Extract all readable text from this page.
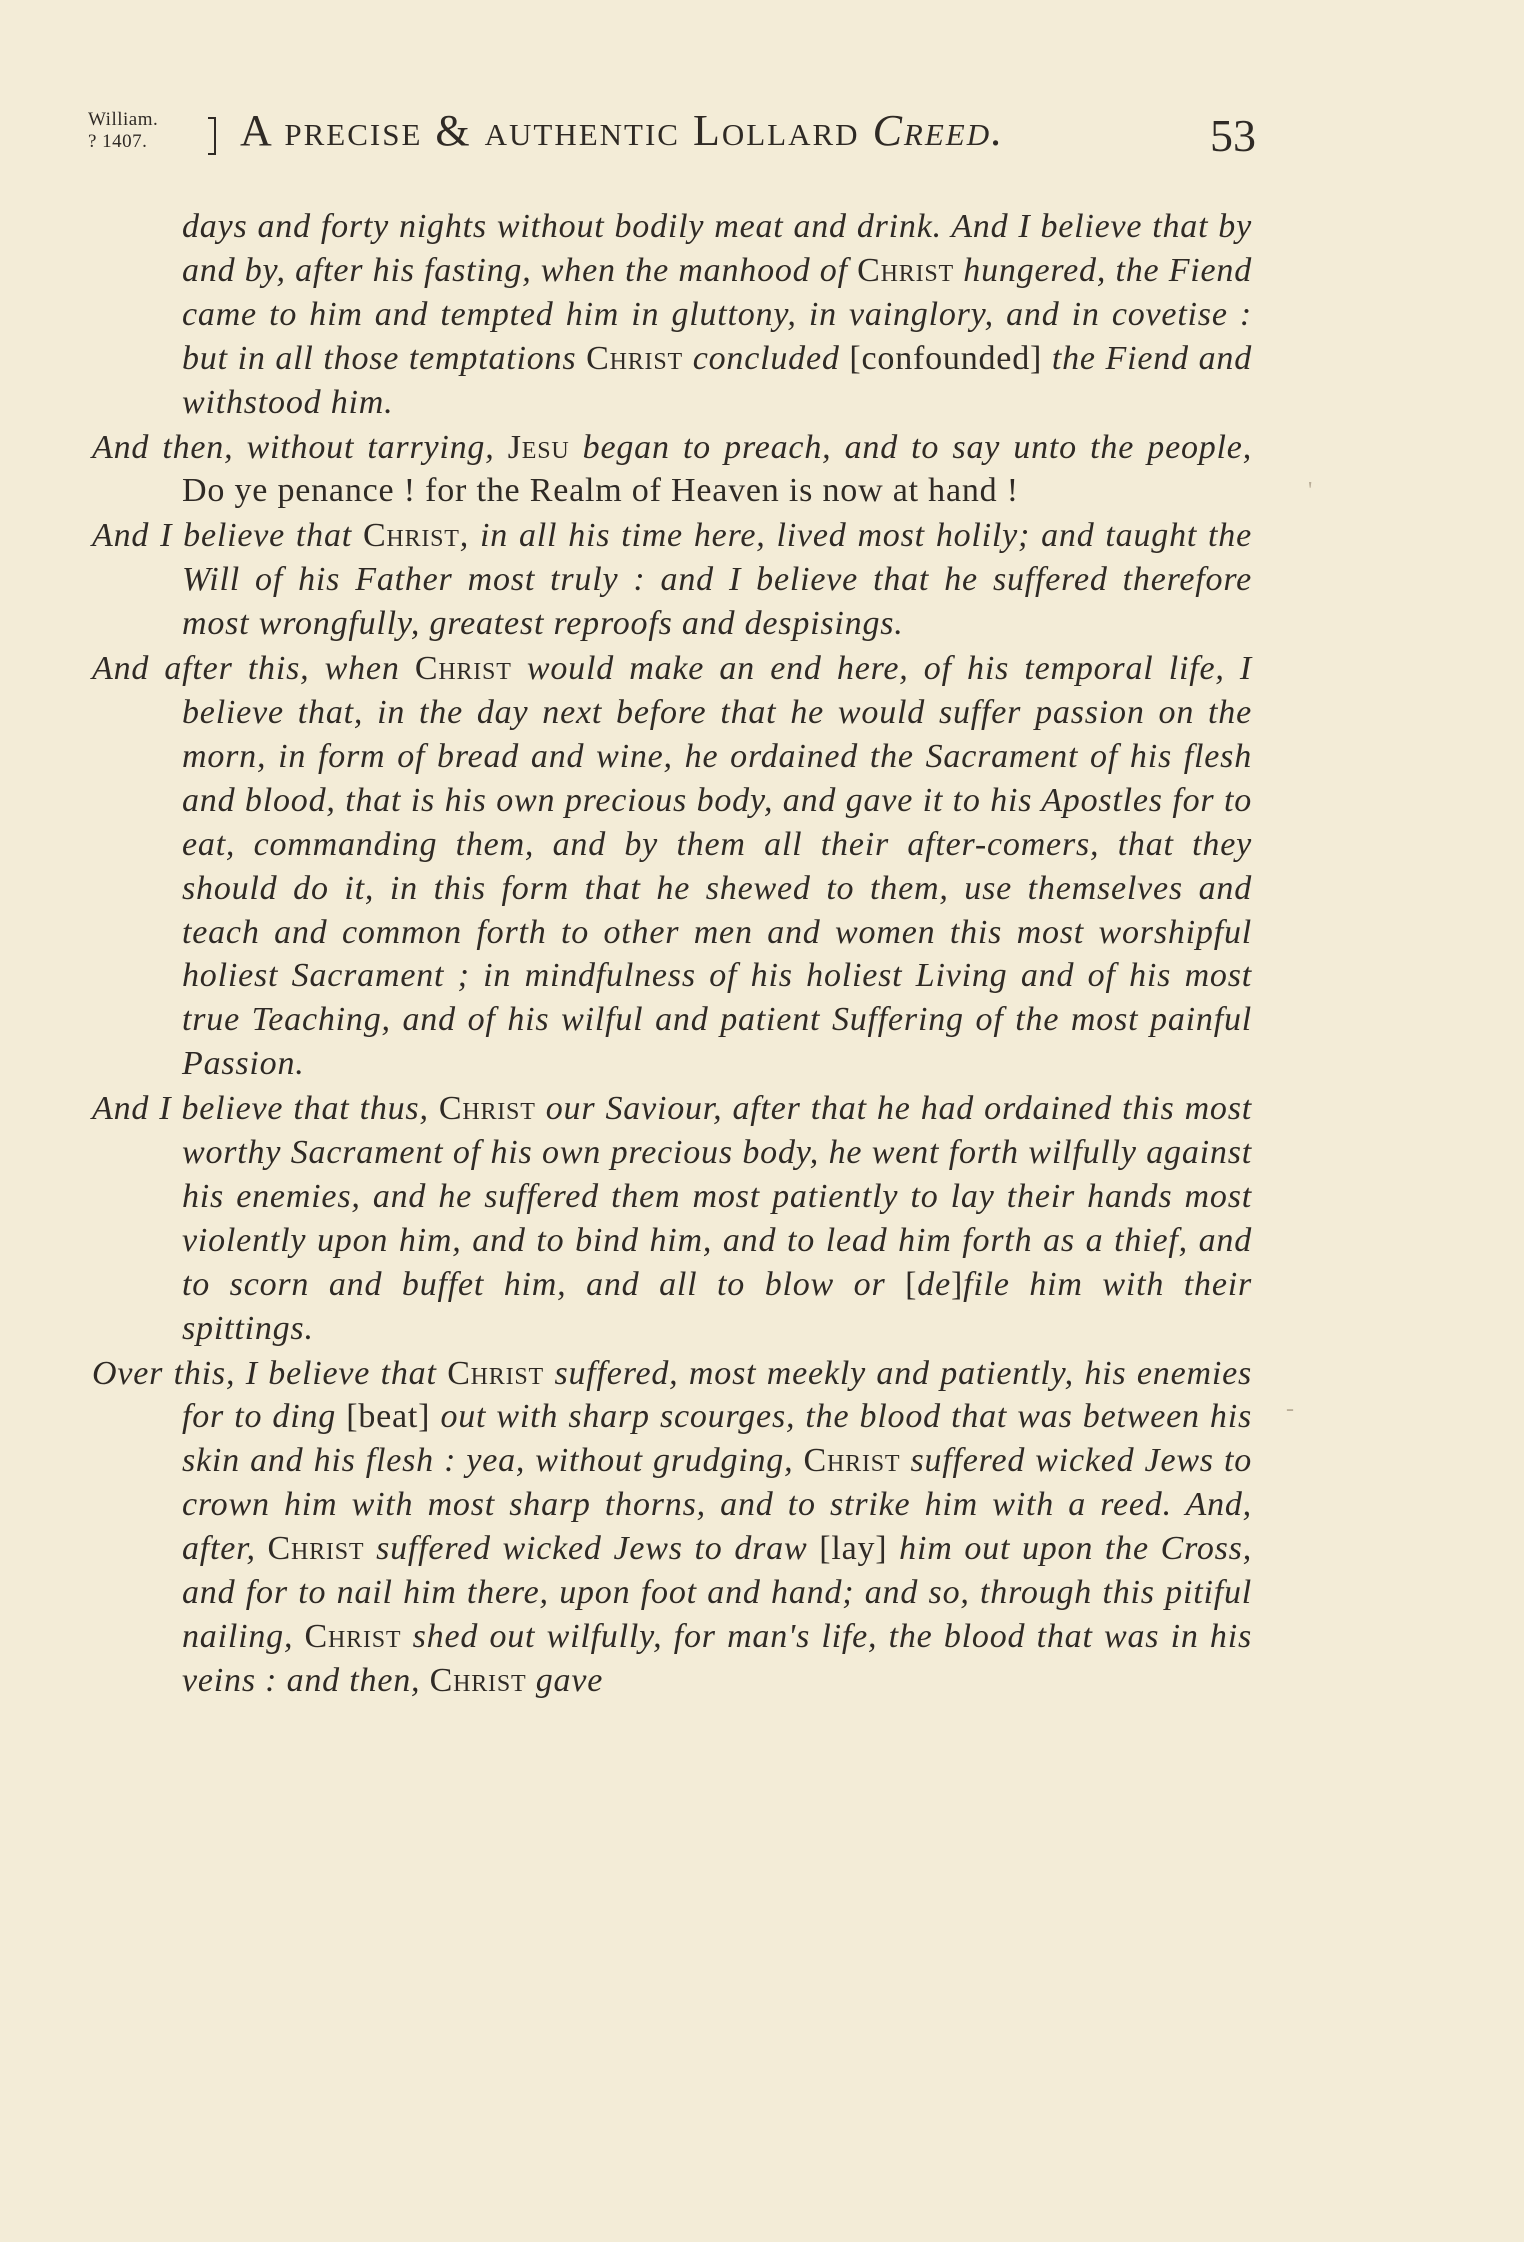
William.
? 1407.	A precise & authentic Lollard Creed.	53

days and forty nights without bodily meat and drink. And I believe that by and by, after his fasting, when the manhood of Christ hungered, the Fiend came to him and tempted him in gluttony, in vainglory, and in covetise : but in all those temptations Christ concluded [confounded] the Fiend and withstood him.

And then, without tarrying, Jesu began to preach, and to say unto the people, Do ye penance ! for the Realm of Heaven is now at hand !

And I believe that Christ, in all his time here, lived most holily; and taught the Will of his Father most truly : and I believe that he suffered therefore most wrongfully, greatest reproofs and despisings.

And after this, when Christ would make an end here, of his temporal life, I believe that, in the day next before that he would suffer passion on the morn, in form of bread and wine, he ordained the Sacrament of his flesh and blood, that is his own precious body, and gave it to his Apostles for to eat, commanding them, and by them all their after-comers, that they should do it, in this form that he shewed to them, use themselves and teach and common forth to other men and women this most worshipful holiest Sacrament ; in mindfulness of his holiest Living and of his most true Teaching, and of his wilful and patient Suffering of the most painful Passion.

And I believe that thus, Christ our Saviour, after that he had ordained this most worthy Sacrament of his own precious body, he went forth wilfully against his enemies, and he suffered them most patiently to lay their hands most violently upon him, and to bind him, and to lead him forth as a thief, and to scorn and buffet him, and all to blow or [de]file him with their spittings.

Over this, I believe that Christ suffered, most meekly and patiently, his enemies for to ding [beat] out with sharp scourges, the blood that was between his skin and his flesh : yea, without grudging, Christ suffered wicked Jews to crown him with most sharp thorns, and to strike him with a reed. And, after, Christ suffered wicked Jews to draw [lay] him out upon the Cross, and for to nail him there, upon foot and hand; and so, through this pitiful nailing, Christ shed out wilfully, for man's life, the blood that was in his veins : and then, Christ gave

'
-
